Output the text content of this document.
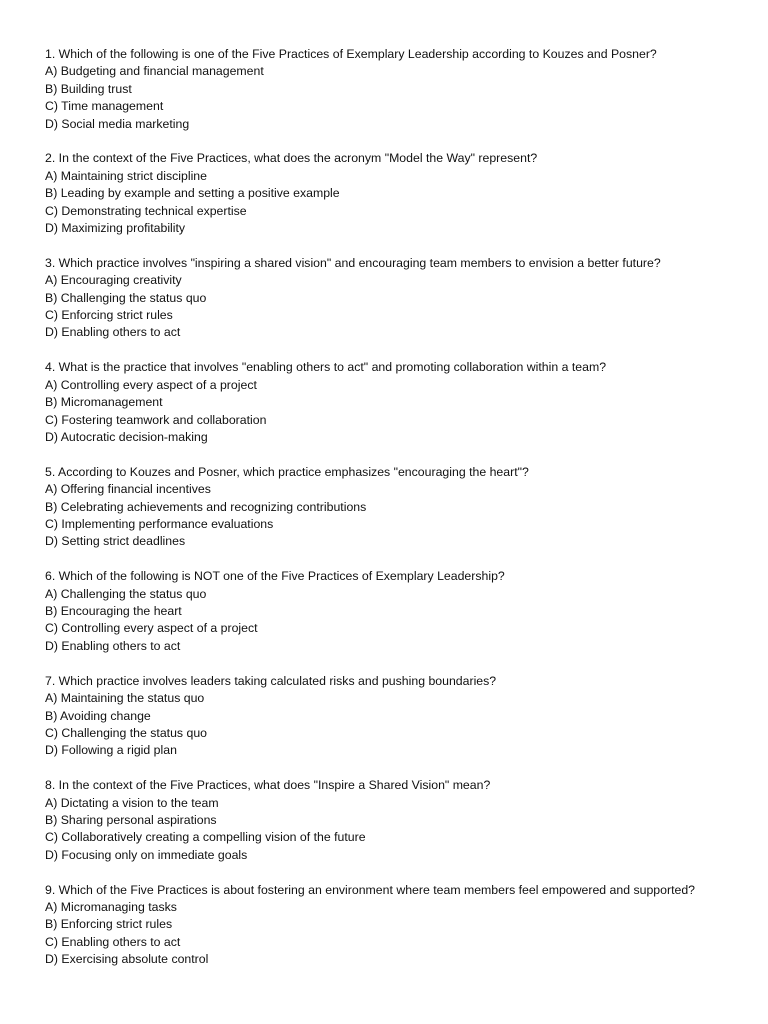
1. Which of the following is one of the Five Practices of Exemplary Leadership according to Kouzes and Posner?
A) Budgeting and financial management
B) Building trust
C) Time management
D) Social media marketing
2. In the context of the Five Practices, what does the acronym "Model the Way" represent?
A) Maintaining strict discipline
B) Leading by example and setting a positive example
C) Demonstrating technical expertise
D) Maximizing profitability
3. Which practice involves "inspiring a shared vision" and encouraging team members to envision a better future?
A) Encouraging creativity
B) Challenging the status quo
C) Enforcing strict rules
D) Enabling others to act
4. What is the practice that involves "enabling others to act" and promoting collaboration within a team?
A) Controlling every aspect of a project
B) Micromanagement
C) Fostering teamwork and collaboration
D) Autocratic decision-making
5. According to Kouzes and Posner, which practice emphasizes "encouraging the heart"?
A) Offering financial incentives
B) Celebrating achievements and recognizing contributions
C) Implementing performance evaluations
D) Setting strict deadlines
6. Which of the following is NOT one of the Five Practices of Exemplary Leadership?
A) Challenging the status quo
B) Encouraging the heart
C) Controlling every aspect of a project
D) Enabling others to act
7. Which practice involves leaders taking calculated risks and pushing boundaries?
A) Maintaining the status quo
B) Avoiding change
C) Challenging the status quo
D) Following a rigid plan
8. In the context of the Five Practices, what does "Inspire a Shared Vision" mean?
A) Dictating a vision to the team
B) Sharing personal aspirations
C) Collaboratively creating a compelling vision of the future
D) Focusing only on immediate goals
9. Which of the Five Practices is about fostering an environment where team members feel empowered and supported?
A) Micromanaging tasks
B) Enforcing strict rules
C) Enabling others to act
D) Exercising absolute control
